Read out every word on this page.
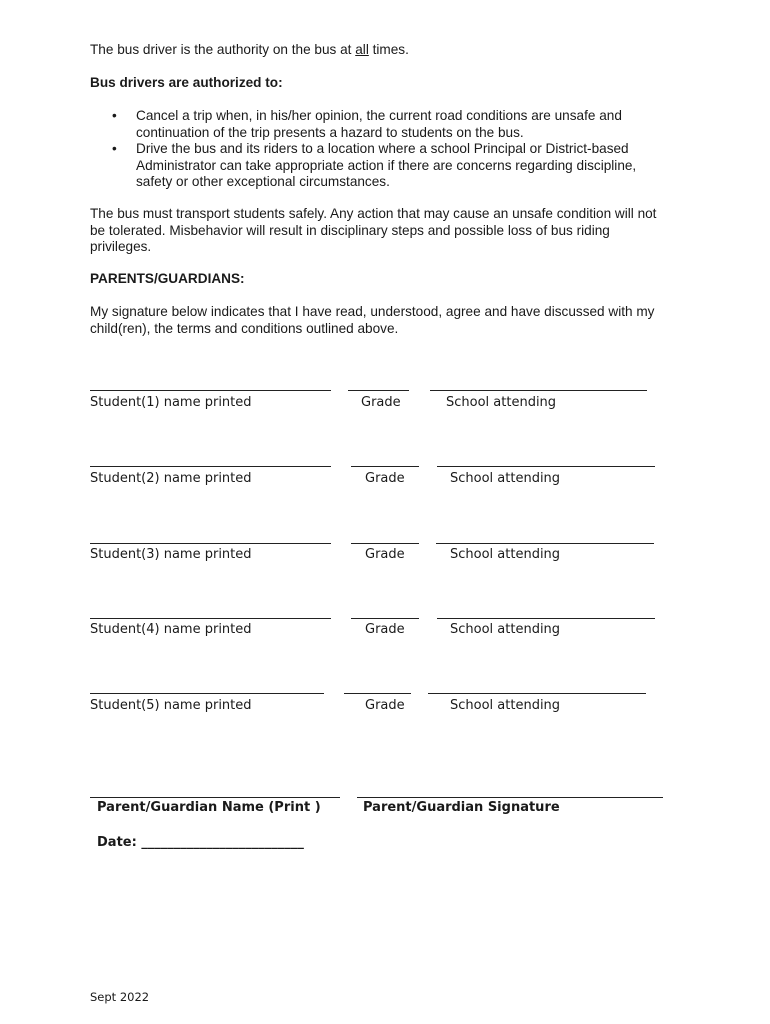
The bus driver is the authority on the bus at all times.

Bus drivers are authorized to:

• Cancel a trip when, in his/her opinion, the current road conditions are unsafe and continuation of the trip presents a hazard to students on the bus.
• Drive the bus and its riders to a location where a school Principal or District-based Administrator can take appropriate action if there are concerns regarding discipline, safety or other exceptional circumstances.

The bus must transport students safely. Any action that may cause an unsafe condition will not be tolerated. Misbehavior will result in disciplinary steps and possible loss of bus riding privileges.

PARENTS/GUARDIANS:

My signature below indicates that I have read, understood, agree and have discussed with my child(ren), the terms and conditions outlined above.

Student(1) name printed	Grade	School attending
Student(2) name printed	Grade	School attending
Student(3) name printed	Grade	School attending
Student(4) name printed	Grade	School attending
Student(5) name printed	Grade	School attending
Parent/Guardian Name (Print )	Parent/Guardian Signature
Date: _________________________
Sept 2022
